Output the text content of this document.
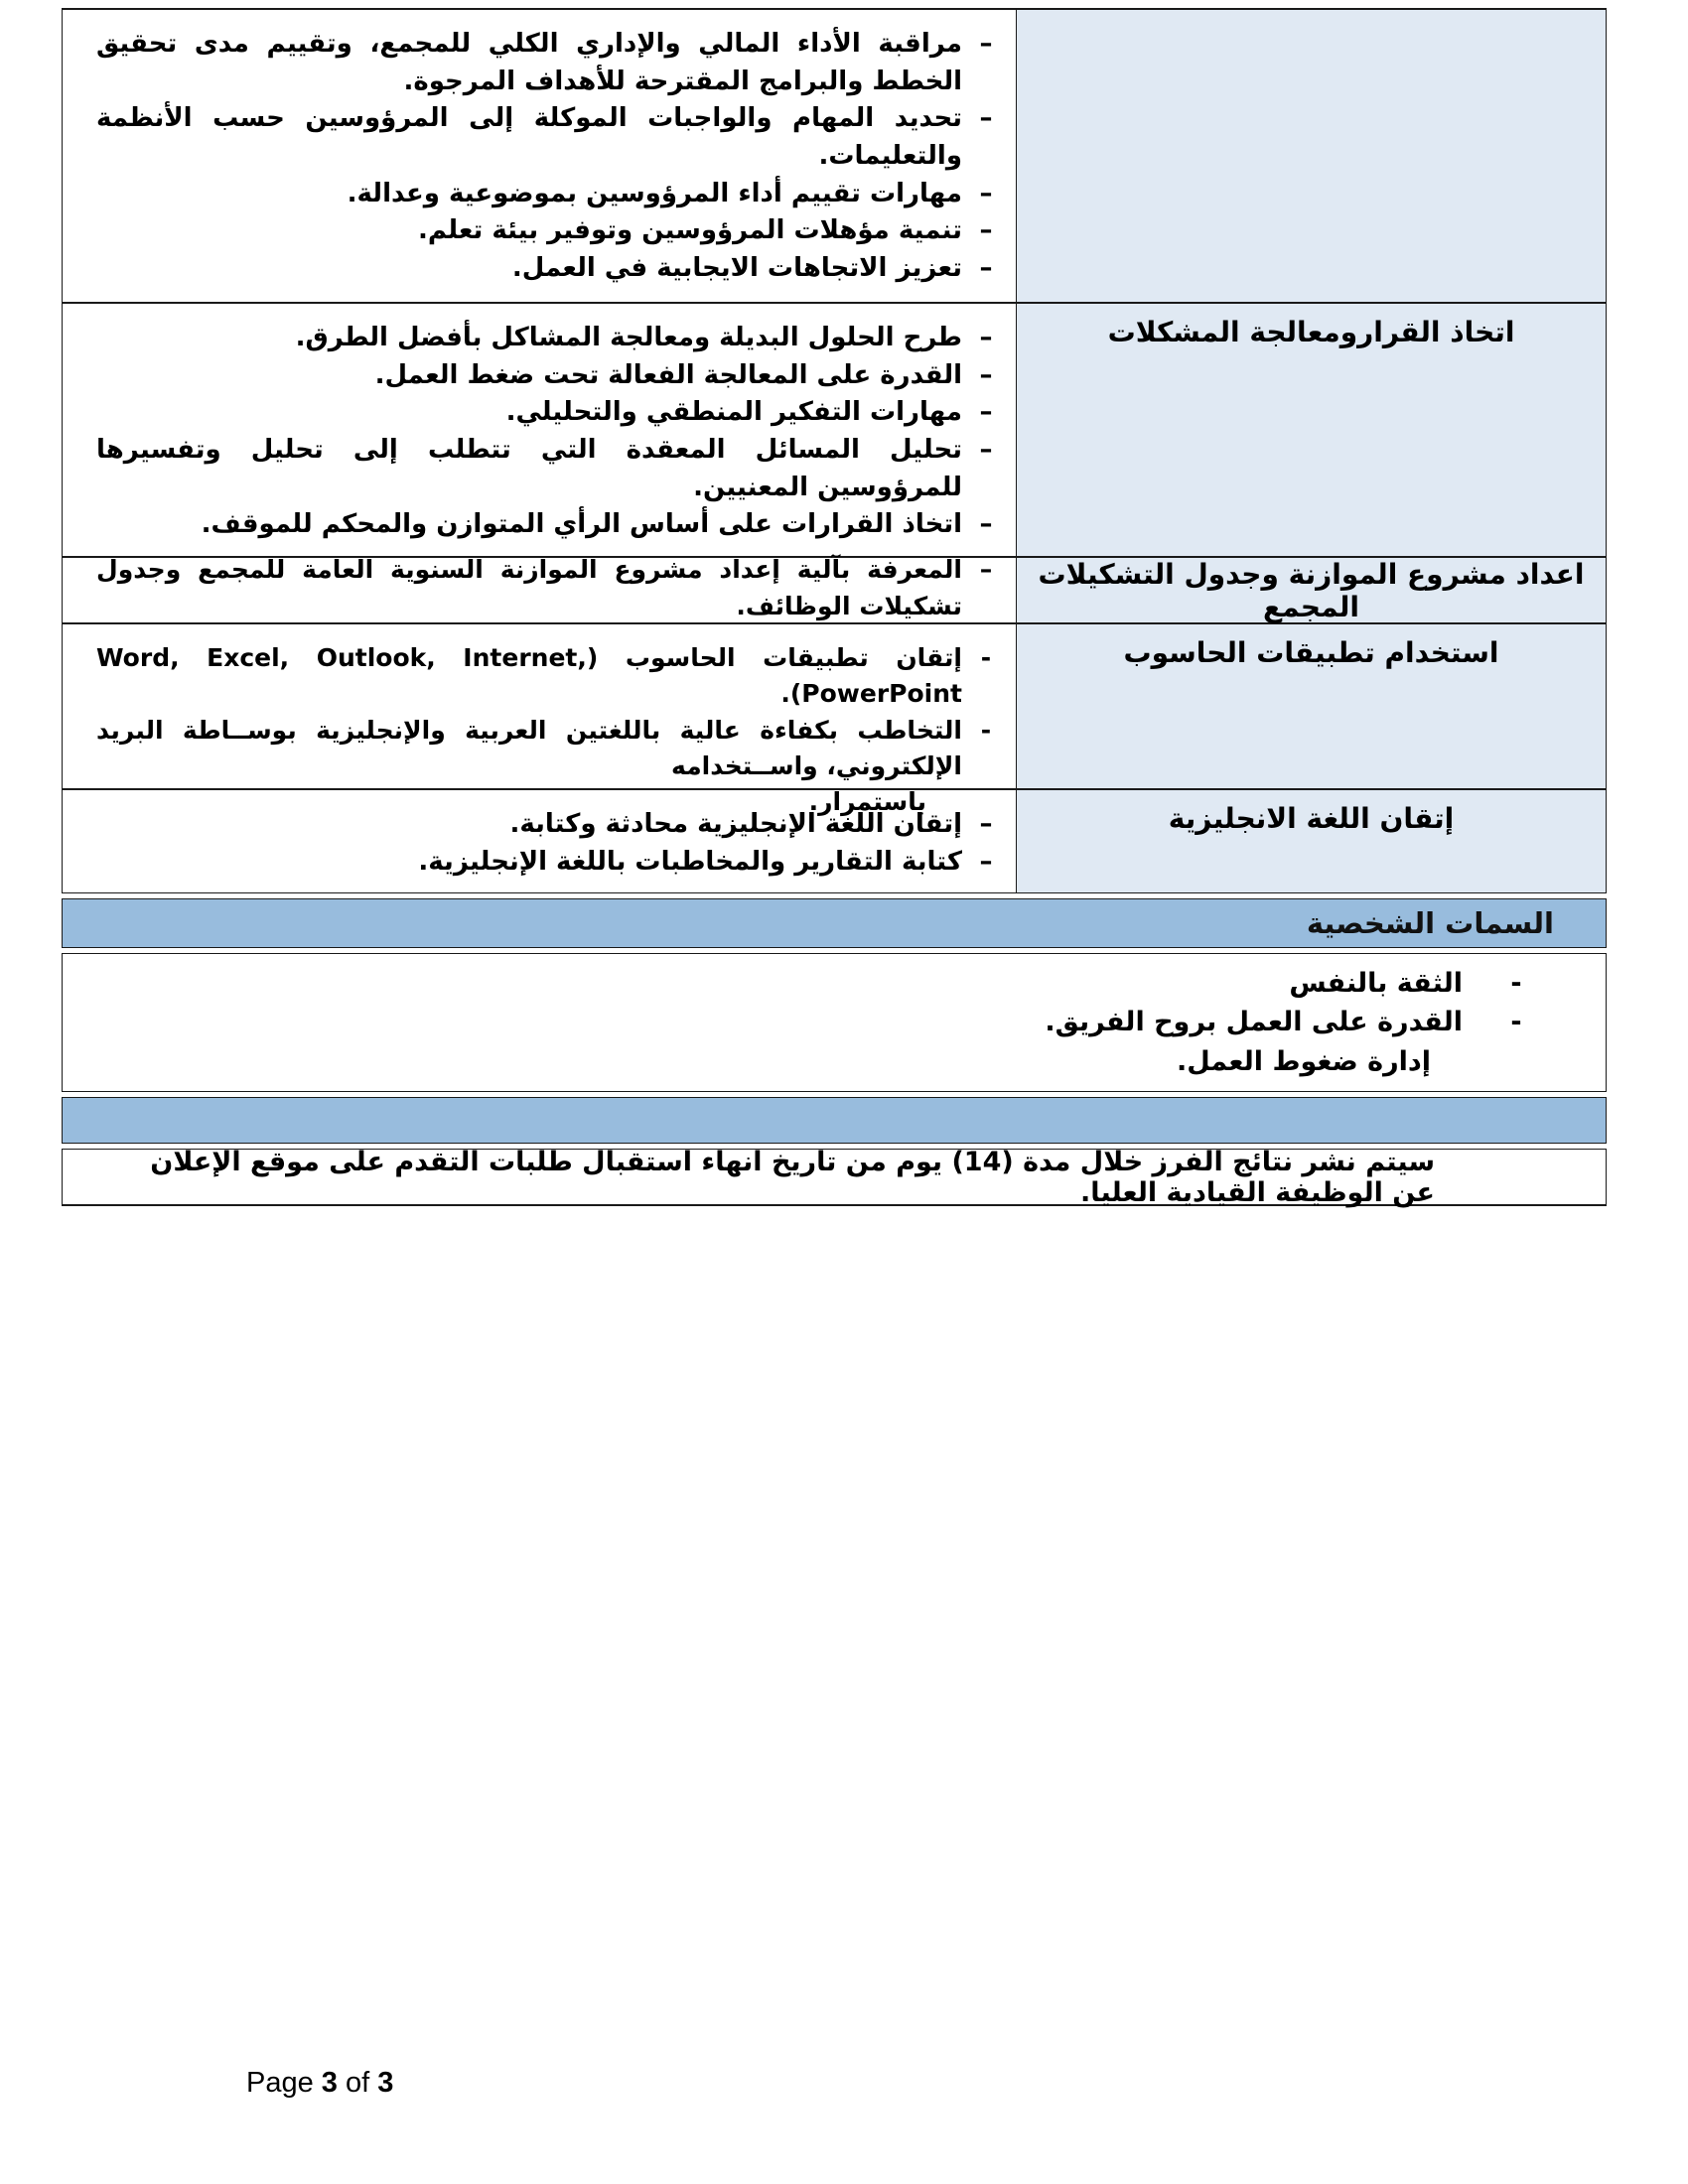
–
مراقبة الأداء المالي والإداري الكلي للمجمع، وتقييم مدى تحقيق الخطط والبرامج المقترحة للأهداف المرجوة.
–
تحديد المهام والواجبات الموكلة إلى المرؤوسين حسب الأنظمة والتعليمات.
–
مهارات تقييم أداء المرؤوسين بموضوعية وعدالة.
–
تنمية مؤهلات المرؤوسين وتوفير بيئة تعلم.
–
تعزيز الاتجاهات الايجابية في العمل.
اتخاذ القرارومعالجة المشكلات
–
طرح الحلول البديلة ومعالجة المشاكل بأفضل الطرق.
–
القدرة على المعالجة الفعالة تحت ضغط العمل.
–
مهارات التفكير المنطقي والتحليلي.
–
تحليل المسائل المعقدة التي تتطلب إلى تحليل وتفسيرها للمرؤوسين المعنيين.
–
اتخاذ القرارات على أساس الرأي المتوازن والمحكم للموقف.
اعداد مشروع الموازنة وجدول التشكيلات المجمع
–
المعرفة بآلية إعداد مشروع الموازنة السنوية العامة للمجمع وجدول تشكيلات الوظائف.
استخدام تطبيقات الحاسوب
-
إتقان تطبيقات الحاسوب (Word, Excel, Outlook, Internet, PowerPoint).
-
التخاطب بكفاءة عالية باللغتين العربية والإنجليزية بوســاطة البريد الإلكتروني، واســتخدامه
باستمرار.
إتقان اللغة الانجليزية
–
إتقان اللغة الإنجليزية محادثة وكتابة.
–
كتابة التقارير والمخاطبات باللغة الإنجليزية.
السمات الشخصية
-
الثقة بالنفس
-
القدرة على العمل بروح الفريق.
إدارة ضغوط العمل.

سيتم نشر نتائج الفرز خلال مدة (14) يوم من تاريخ انهاء استقبال طلبات التقدم على موقع الإعلان عن الوظيفة القيادية العليا.

Page 3 of 3
